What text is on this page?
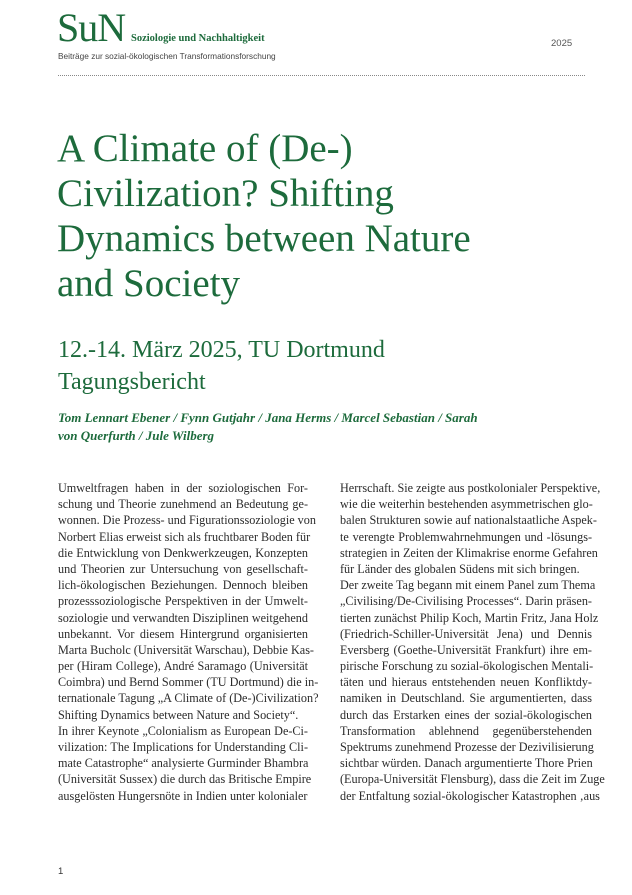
SuN Soziologie und Nachhaltigkeit
Beiträge zur sozial-ökologischen Transformationsforschung
2025
A Climate of (De-)
Civilization? Shifting
Dynamics between Nature
and Society
12.-14. März 2025, TU Dortmund
Tagungsbericht
Tom Lennart Ebener / Fynn Gutjahr / Jana Herms / Marcel Sebastian / Sarah
von Querfurth / Jule Wilberg
Umweltfragen haben in der soziologischen For-
schung und Theorie zunehmend an Bedeutung ge-
wonnen. Die Prozess- und Figurationssoziologie von
Norbert Elias erweist sich als fruchtbarer Boden für
die Entwicklung von Denkwerkzeugen, Konzepten
und Theorien zur Untersuchung von gesellschaft-
lich-ökologischen Beziehungen. Dennoch bleiben
prozesssoziologische Perspektiven in der Umwelt-
soziologie und verwandten Disziplinen weitgehend
unbekannt. Vor diesem Hintergrund organisierten
Marta Bucholc (Universität Warschau), Debbie Kas-
per (Hiram College), André Saramago (Universität
Coimbra) und Bernd Sommer (TU Dortmund) die in-
ternationale Tagung „A Climate of (De-)Civilization?
Shifting Dynamics between Nature and Society“.
In ihrer Keynote „Colonialism as European De-Ci-
vilization: The Implications for Understanding Cli-
mate Catastrophe“ analysierte Gurminder Bhambra
(Universität Sussex) die durch das Britische Empire
ausgelösten Hungersnöte in Indien unter kolonialer
Herrschaft. Sie zeigte aus postkolonialer Perspektive,
wie die weiterhin bestehenden asymmetrischen glo-
balen Strukturen sowie auf nationalstaatliche Aspek-
te verengte Problemwahrnehmungen und -lösungs-
strategien in Zeiten der Klimakrise enorme Gefahren
für Länder des globalen Südens mit sich bringen.
Der zweite Tag begann mit einem Panel zum Thema
„Civilising/De-Civilising Processes“. Darin präsen-
tierten zunächst Philip Koch, Martin Fritz, Jana Holz
(Friedrich-Schiller-Universität Jena) und Dennis
Eversberg (Goethe-Universität Frankfurt) ihre em-
pirische Forschung zu sozial-ökologischen Mentali-
täten und hieraus entstehenden neuen Konfliktdy-
namiken in Deutschland. Sie argumentierten, dass
durch das Erstarken eines der sozial-ökologischen
Transformation ablehnend gegenüberstehenden
Spektrums zunehmend Prozesse der Dezivilisierung
sichtbar würden. Danach argumentierte Thore Prien
(Europa-Universität Flensburg), dass die Zeit im Zuge
der Entfaltung sozial-ökologischer Katastrophen ‚aus
1
